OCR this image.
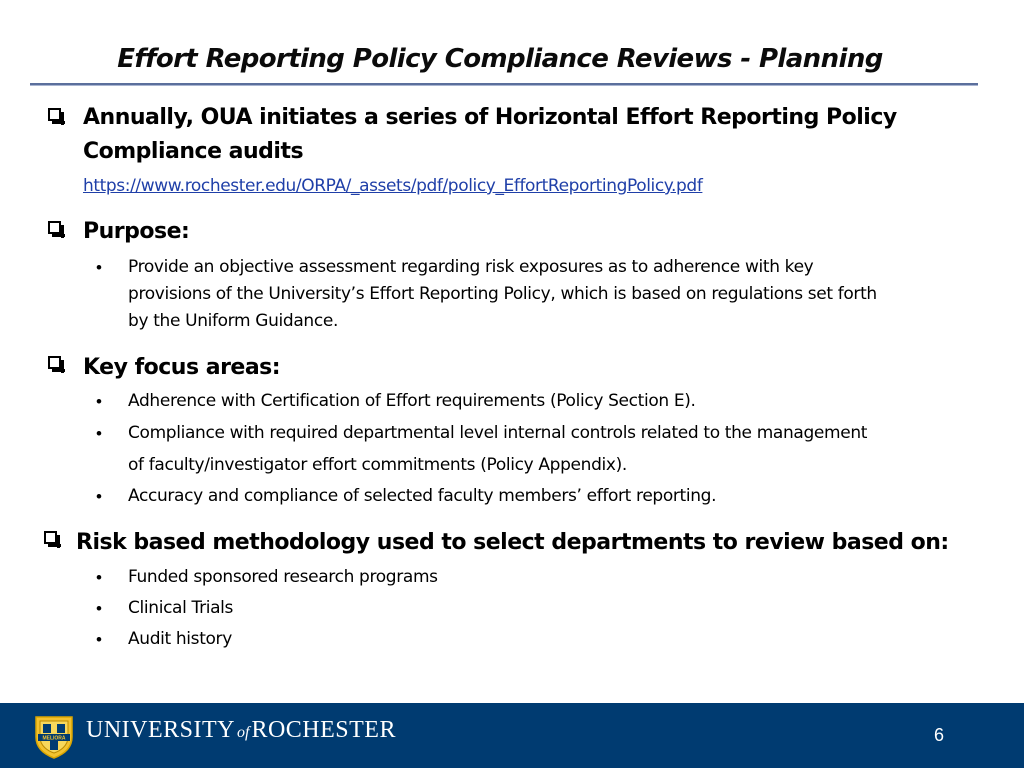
Effort Reporting Policy Compliance Reviews - Planning
Annually, OUA initiates a series of Horizontal Effort Reporting Policy
Compliance audits
https://www.rochester.edu/ORPA/_assets/pdf/policy_EffortReportingPolicy.pdf
Purpose:
• Provide an objective assessment regarding risk exposures as to adherence with key
provisions of the University’s Effort Reporting Policy, which is based on regulations set forth
by the Uniform Guidance.
Key focus areas:
• Adherence with Certification of Effort requirements (Policy Section E).
• Compliance with required departmental level internal controls related to the management
of faculty/investigator effort commitments (Policy Appendix).
• Accuracy and compliance of selected faculty members’ effort reporting.
Risk based methodology used to select departments to review based on:
• Funded sponsored research programs
• Clinical Trials
• Audit history
MELIORA UNIVERSITY ofROCHESTER	6
